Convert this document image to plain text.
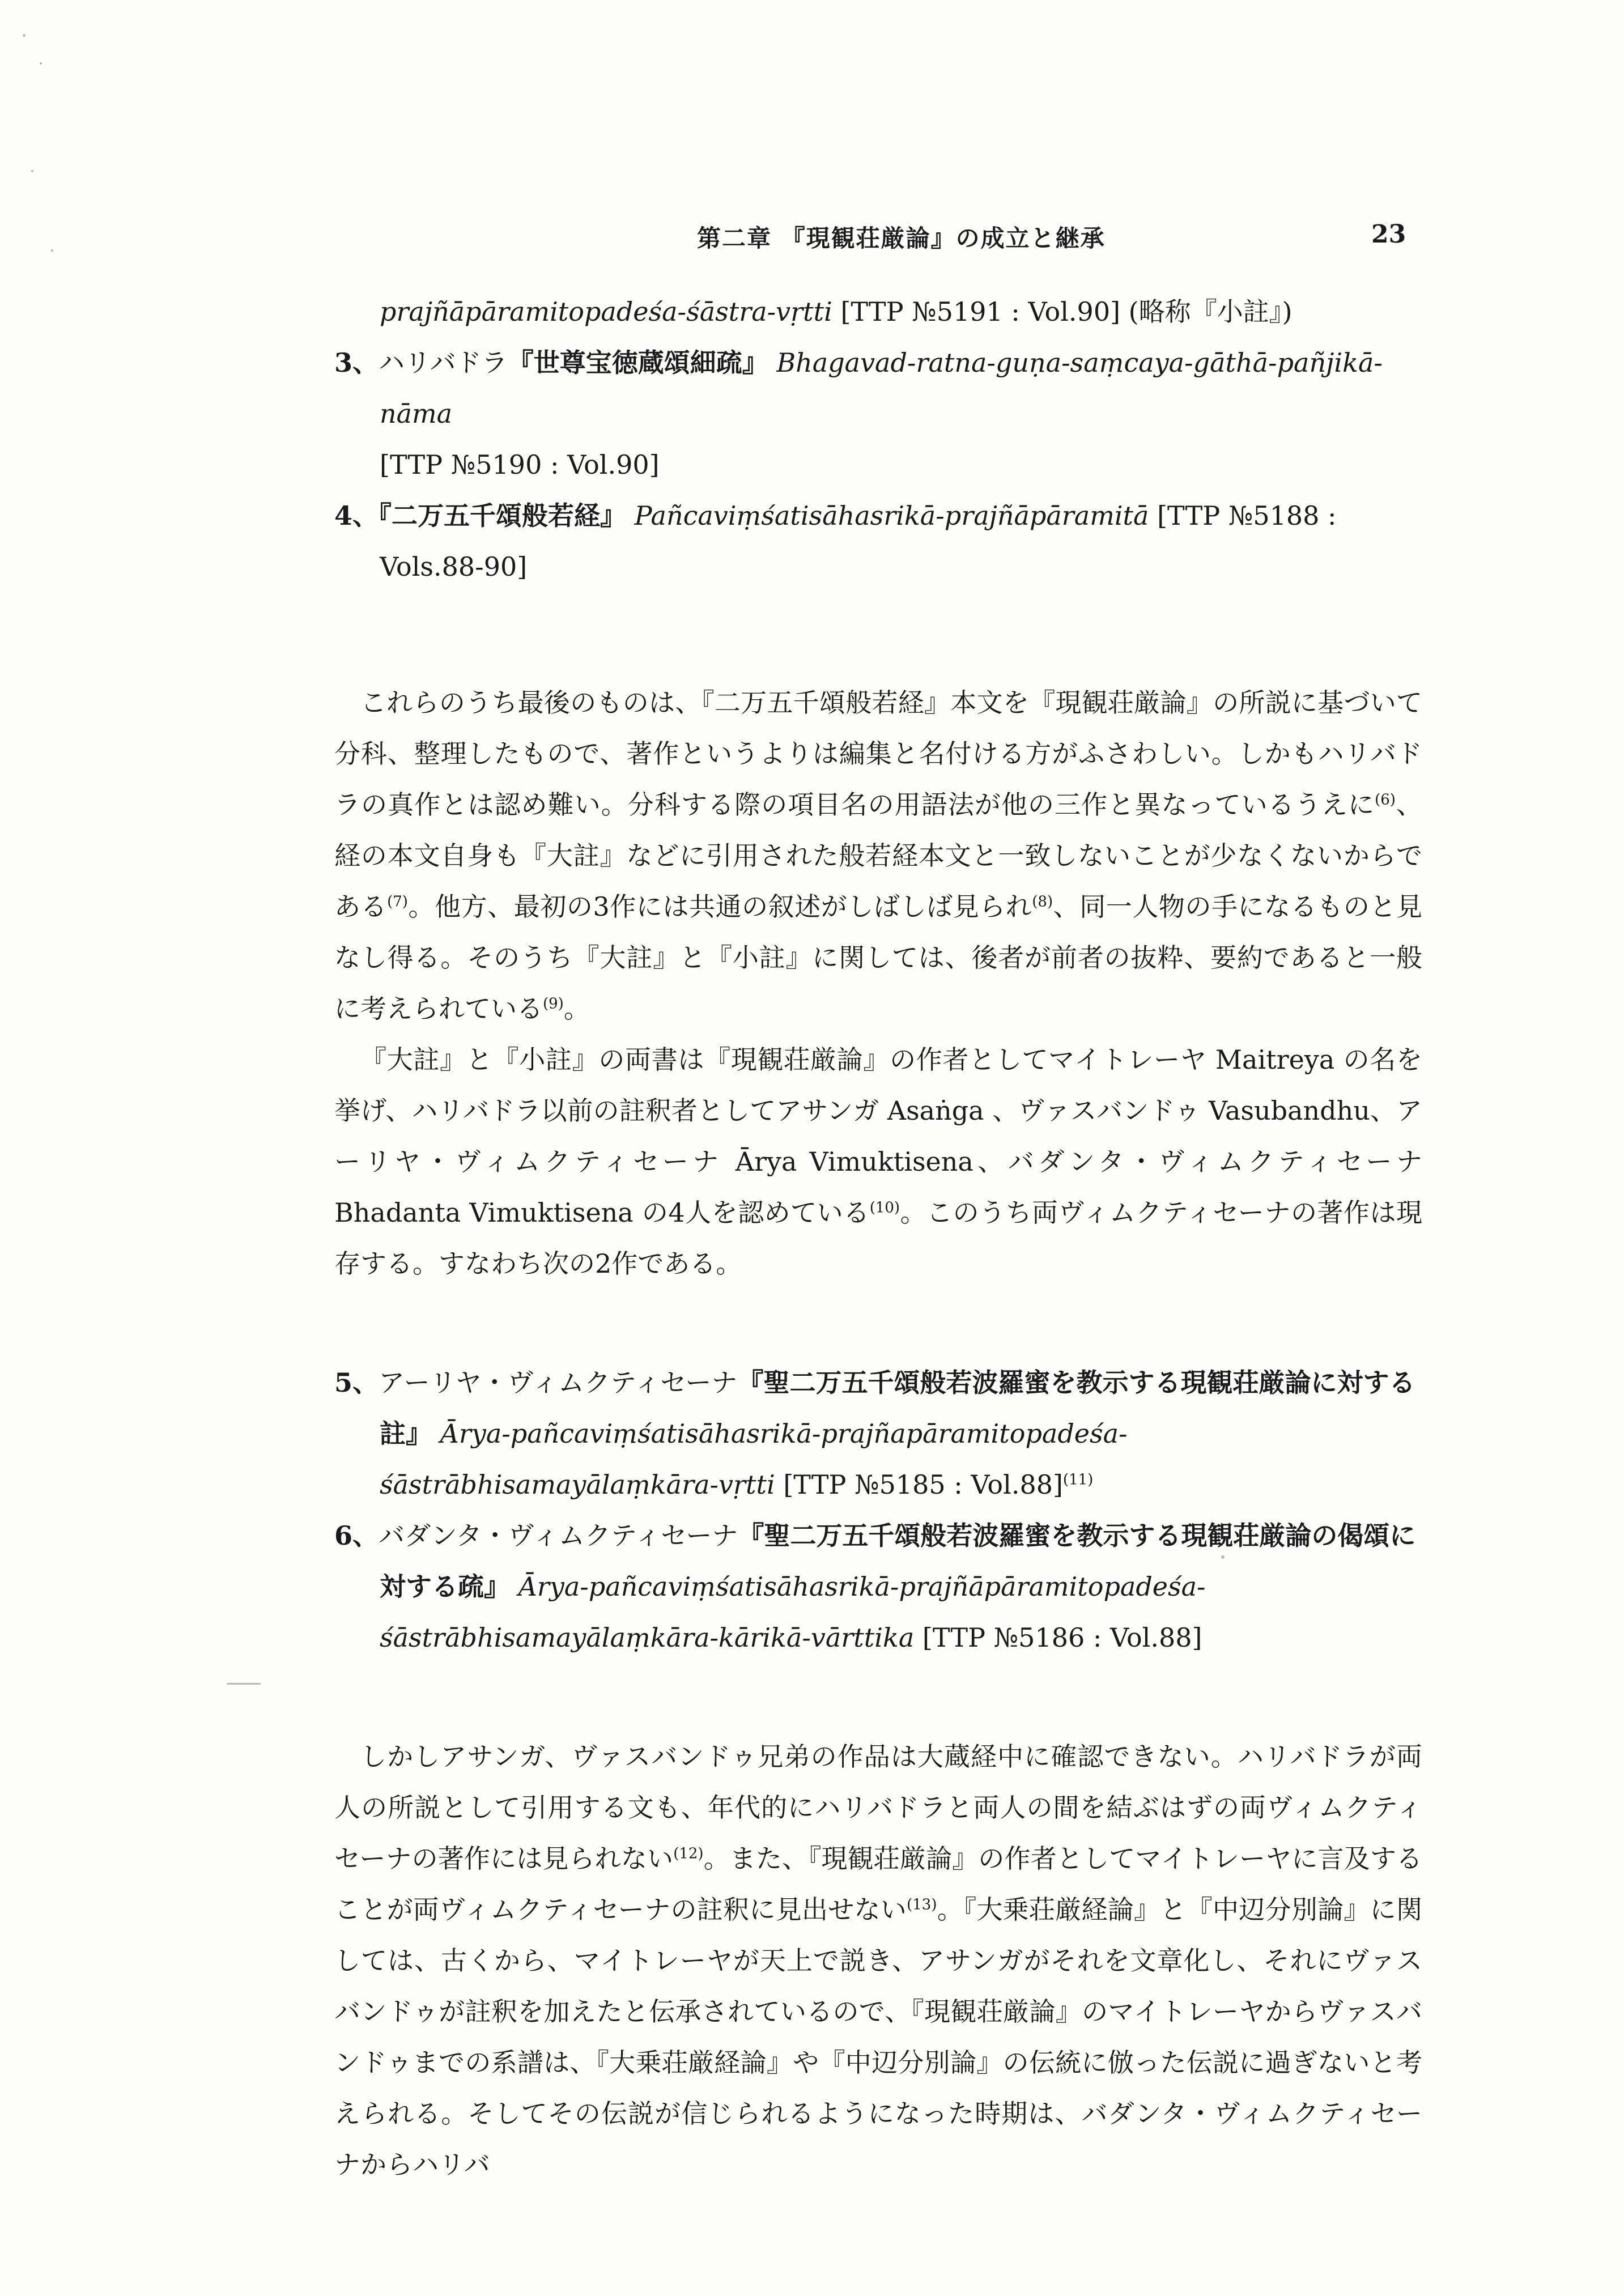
第二章 『現観荘厳論』の成立と継承	23
prajñāpāramitopadeśa-śāstra-vṛtti [TTP №5191 : Vol.90] (略称『小註』)
3、ハリバドラ『世尊宝徳蔵頌細疏』 Bhagavad-ratna-guṇa-saṃcaya-gāthā-pañjikā-nāma
[TTP №5190 : Vol.90]
4、『二万五千頌般若経』 Pañcaviṃśatisāhasrikā-prajñāpāramitā [TTP №5188 : Vols.88-90]
これらのうち最後のものは、『二万五千頌般若経』本文を『現観荘厳論』の所説に基づいて分科、整理したもので、著作というよりは編集と名付ける方がふさわしい。しかもハリバドラの真作とは認め難い。分科する際の項目名の用語法が他の三作と異なっているうえに$^{(6)}$、経の本文自身も『大註』などに引用された般若経本文と一致しないことが少なくないからである$^{(7)}$。他方、最初の3作には共通の叙述がしばしば見られ$^{(8)}$、同一人物の手になるものと見なし得る。そのうち『大註』と『小註』に関しては、後者が前者の抜粋、要約であると一般に考えられている$^{(9)}$。
『大註』と『小註』の両書は『現観荘厳論』の作者としてマイトレーヤ Maitreya の名を挙げ、ハリバドラ以前の註釈者としてアサンガ Asaṅga 、ヴァスバンドゥ Vasubandhu、アーリヤ・ヴィムクティセーナ Ārya Vimuktisena、バダンタ・ヴィムクティセーナ Bhadanta Vimuktisena の4人を認めている$^{(10)}$。このうち両ヴィムクティセーナの著作は現存する。すなわち次の2作である。
5、アーリヤ・ヴィムクティセーナ『聖二万五千頌般若波羅蜜を教示する現観荘厳論に対する註』 Ārya-pañcaviṃśatisāhasrikā-prajñapāramitopadeśa-śāstrābhisamayālaṃkāra-vṛtti [TTP №5185 : Vol.88]$^{(11)}$
6、バダンタ・ヴィムクティセーナ『聖二万五千頌般若波羅蜜を教示する現観荘厳論の偈頌に対する疏』 Ārya-pañcaviṃśatisāhasrikā-prajñāpāramitopadeśa-śāstrābhisamayālaṃkāra-kārikā-vārttika [TTP №5186 : Vol.88]
しかしアサンガ、ヴァスバンドゥ兄弟の作品は大蔵経中に確認できない。ハリバドラが両人の所説として引用する文も、年代的にハリバドラと両人の間を結ぶはずの両ヴィムクティセーナの著作には見られない$^{(12)}$。また、『現観荘厳論』の作者としてマイトレーヤに言及することが両ヴィムクティセーナの註釈に見出せない$^{(13)}$。『大乗荘厳経論』と『中辺分別論』に関しては、古くから、マイトレーヤが天上で説き、アサンガがそれを文章化し、それにヴァスバンドゥが註釈を加えたと伝承されているので、『現観荘厳論』のマイトレーヤからヴァスバンドゥまでの系譜は、『大乗荘厳経論』や『中辺分別論』の伝統に倣った伝説に過ぎないと考えられる。そしてその伝説が信じられるようになった時期は、バダンタ・ヴィムクティセーナからハリバ
